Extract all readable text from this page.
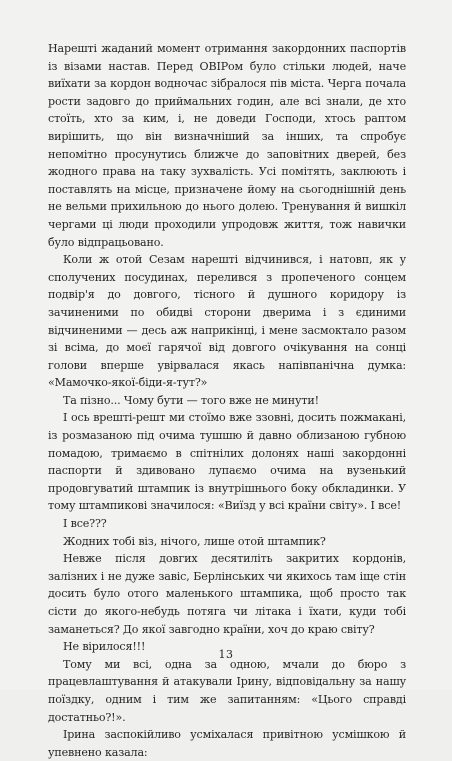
Нарешті жаданий момент отримання закордонних паспортів із візами настав. Перед ОВІРом було стільки людей, наче виїхати за кордон водночас зібралося пів міста. Черга почала рости задовго до приймальних годин, але всі знали, де хто стоїть, хто за ким, і, не доведи Господи, хтось раптом вирішить, що він визначніший за інших, та спробує непомітно просунутись ближче до заповітних дверей, без жодного права на таку зухвалість. Усі помітять, заклюють і поставлять на місце, призначене йому на сьогоднішній день не вельми прихильною до нього долею. Тренування й вишкіл чергами ці люди проходили упродовж життя, тож навички було відпрацьовано.

Коли ж отой Сезам нарешті відчинився, і натовп, як у сполучених посудинах, перелився з пропеченого сонцем подвір'я до довгого, тісного й душного коридору із зачиненими по обидві сторони дверима і з єдиними відчиненими — десь аж наприкінці, і мене засмоктало разом зі всіма, до моєї гарячої від довгого очікування на сонці голови вперше увірвалася якась напівпанічна думка: «Мамочко-якої-біди-я-тут?»

Та пізно... Чому бути — того вже не минути!

І ось врешті-решт ми стоїмо вже ззовні, досить пожмакані, із розмазаною під очима тушшю й давно облизаною губною помадою, тримаємо в спітнілих долонях наші закордонні паспорти й здивовано лупаємо очима на вузенький продовгуватий штампик із внутрішнього боку обкладинки. У тому штампикові значилося: «Виїзд у всі країни світу». І все!

І все???

Жодних тобі віз, нічого, лише отой штампик?

Невже після довгих десятиліть закритих кордонів, залізних і не дуже завіс, Берлінських чи якихось там іще стін досить було отого маленького штампика, щоб просто так сісти до якого-небудь потяга чи літака і їхати, куди тобі заманеться? До якої завгодно країни, хоч до краю світу?

Не вірилося!!!

Тому ми всі, одна за одною, мчали до бюро з працевлаштування й атакували Ірину, відповідальну за нашу поїздку, одним і тим же запитанням: «Цього справді достатньо?!».

Ірина заспокійливо усміхалася привітною усмішкою й упевнено казала:

13
